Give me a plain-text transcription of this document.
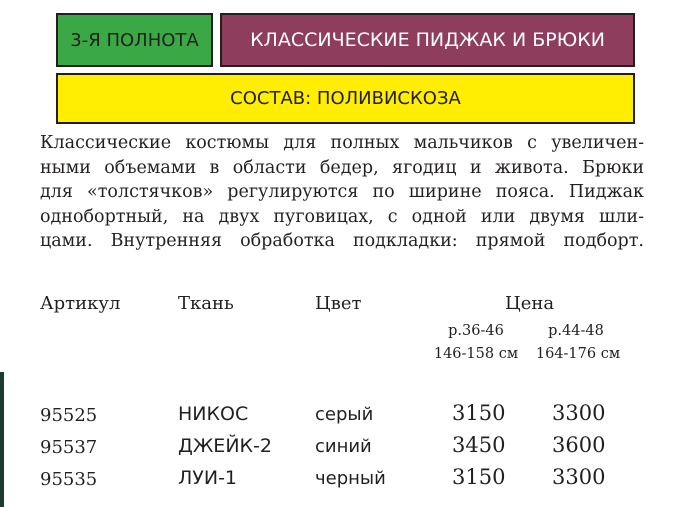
3-Я ПОЛНОТА	КЛАССИЧЕСКИЕ ПИДЖАК И БРЮКИ
СОСТАВ: ПОЛИВИСКОЗА
Классические костюмы для полных мальчиков с увеличен-
ными объемами в области бедер, ягодиц и живота. Брюки
для «толстячков» регулируются по ширине пояса. Пиджак
однобортный, на двух пуговицах, с одной или двумя шли-
цами. Внутренняя обработка подкладки: прямой подборт.
Артикул	Ткань	Цвет	Цена
р.36-46	р.44-48
146-158 см	164-176 см
95525	НИКОС	серый	3150 3300
95537	ДЖЕЙК-2 синий	3450 3600
95535	ЛУИ-1	черный	3150 3300
